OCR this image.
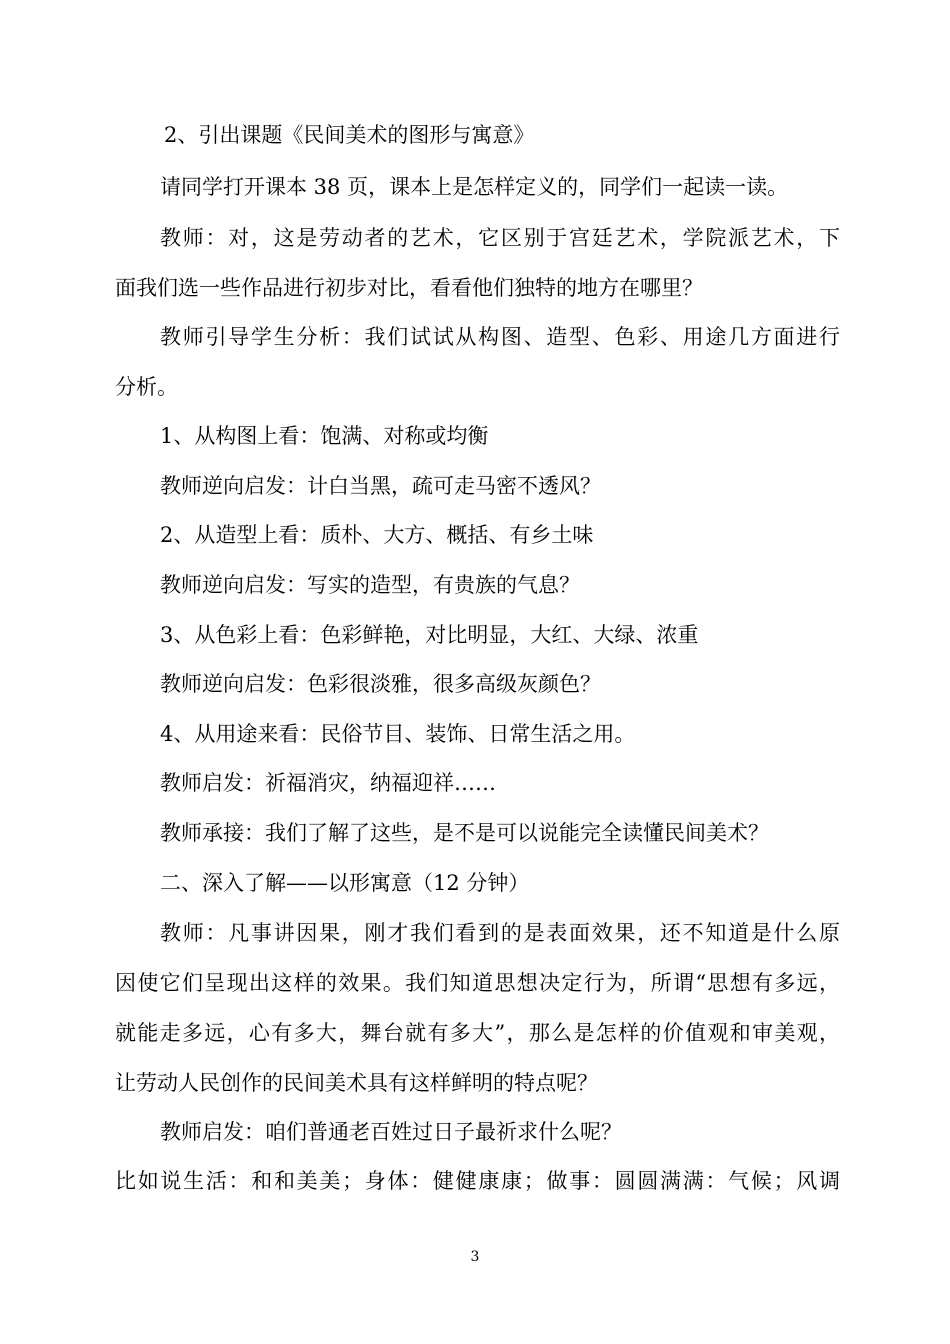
2、引出课题《民间美术的图形与寓意》
请同学打开课本 38 页，课本上是怎样定义的，同学们一起读一读。
教师：对，这是劳动者的艺术，它区别于宫廷艺术，学院派艺术，下
面我们选一些作品进行初步对比，看看他们独特的地方在哪里？
教师引导学生分析：我们试试从构图、造型、色彩、用途几方面进行
分析。
1、从构图上看：饱满、对称或均衡
教师逆向启发：计白当黑，疏可走马密不透风？
2、从造型上看：质朴、大方、概括、有乡土味
教师逆向启发：写实的造型，有贵族的气息？
3、从色彩上看：色彩鲜艳，对比明显，大红、大绿、浓重
教师逆向启发：色彩很淡雅，很多高级灰颜色？
4、从用途来看：民俗节目、装饰、日常生活之用。
教师启发：祈福消灾，纳福迎祥……
教师承接：我们了解了这些，是不是可以说能完全读懂民间美术？
二、深入了解——以形寓意（12 分钟）
教师：凡事讲因果，刚才我们看到的是表面效果，还不知道是什么原
因使它们呈现出这样的效果。我们知道思想决定行为，所谓“思想有多远，
就能走多远，心有多大，舞台就有多大”，那么是怎样的价值观和审美观，
让劳动人民创作的民间美术具有这样鲜明的特点呢？
教师启发：咱们普通老百姓过日子最祈求什么呢？
比如说生活：和和美美；身体：健健康康；做事：圆圆满满：气候；风调
3
